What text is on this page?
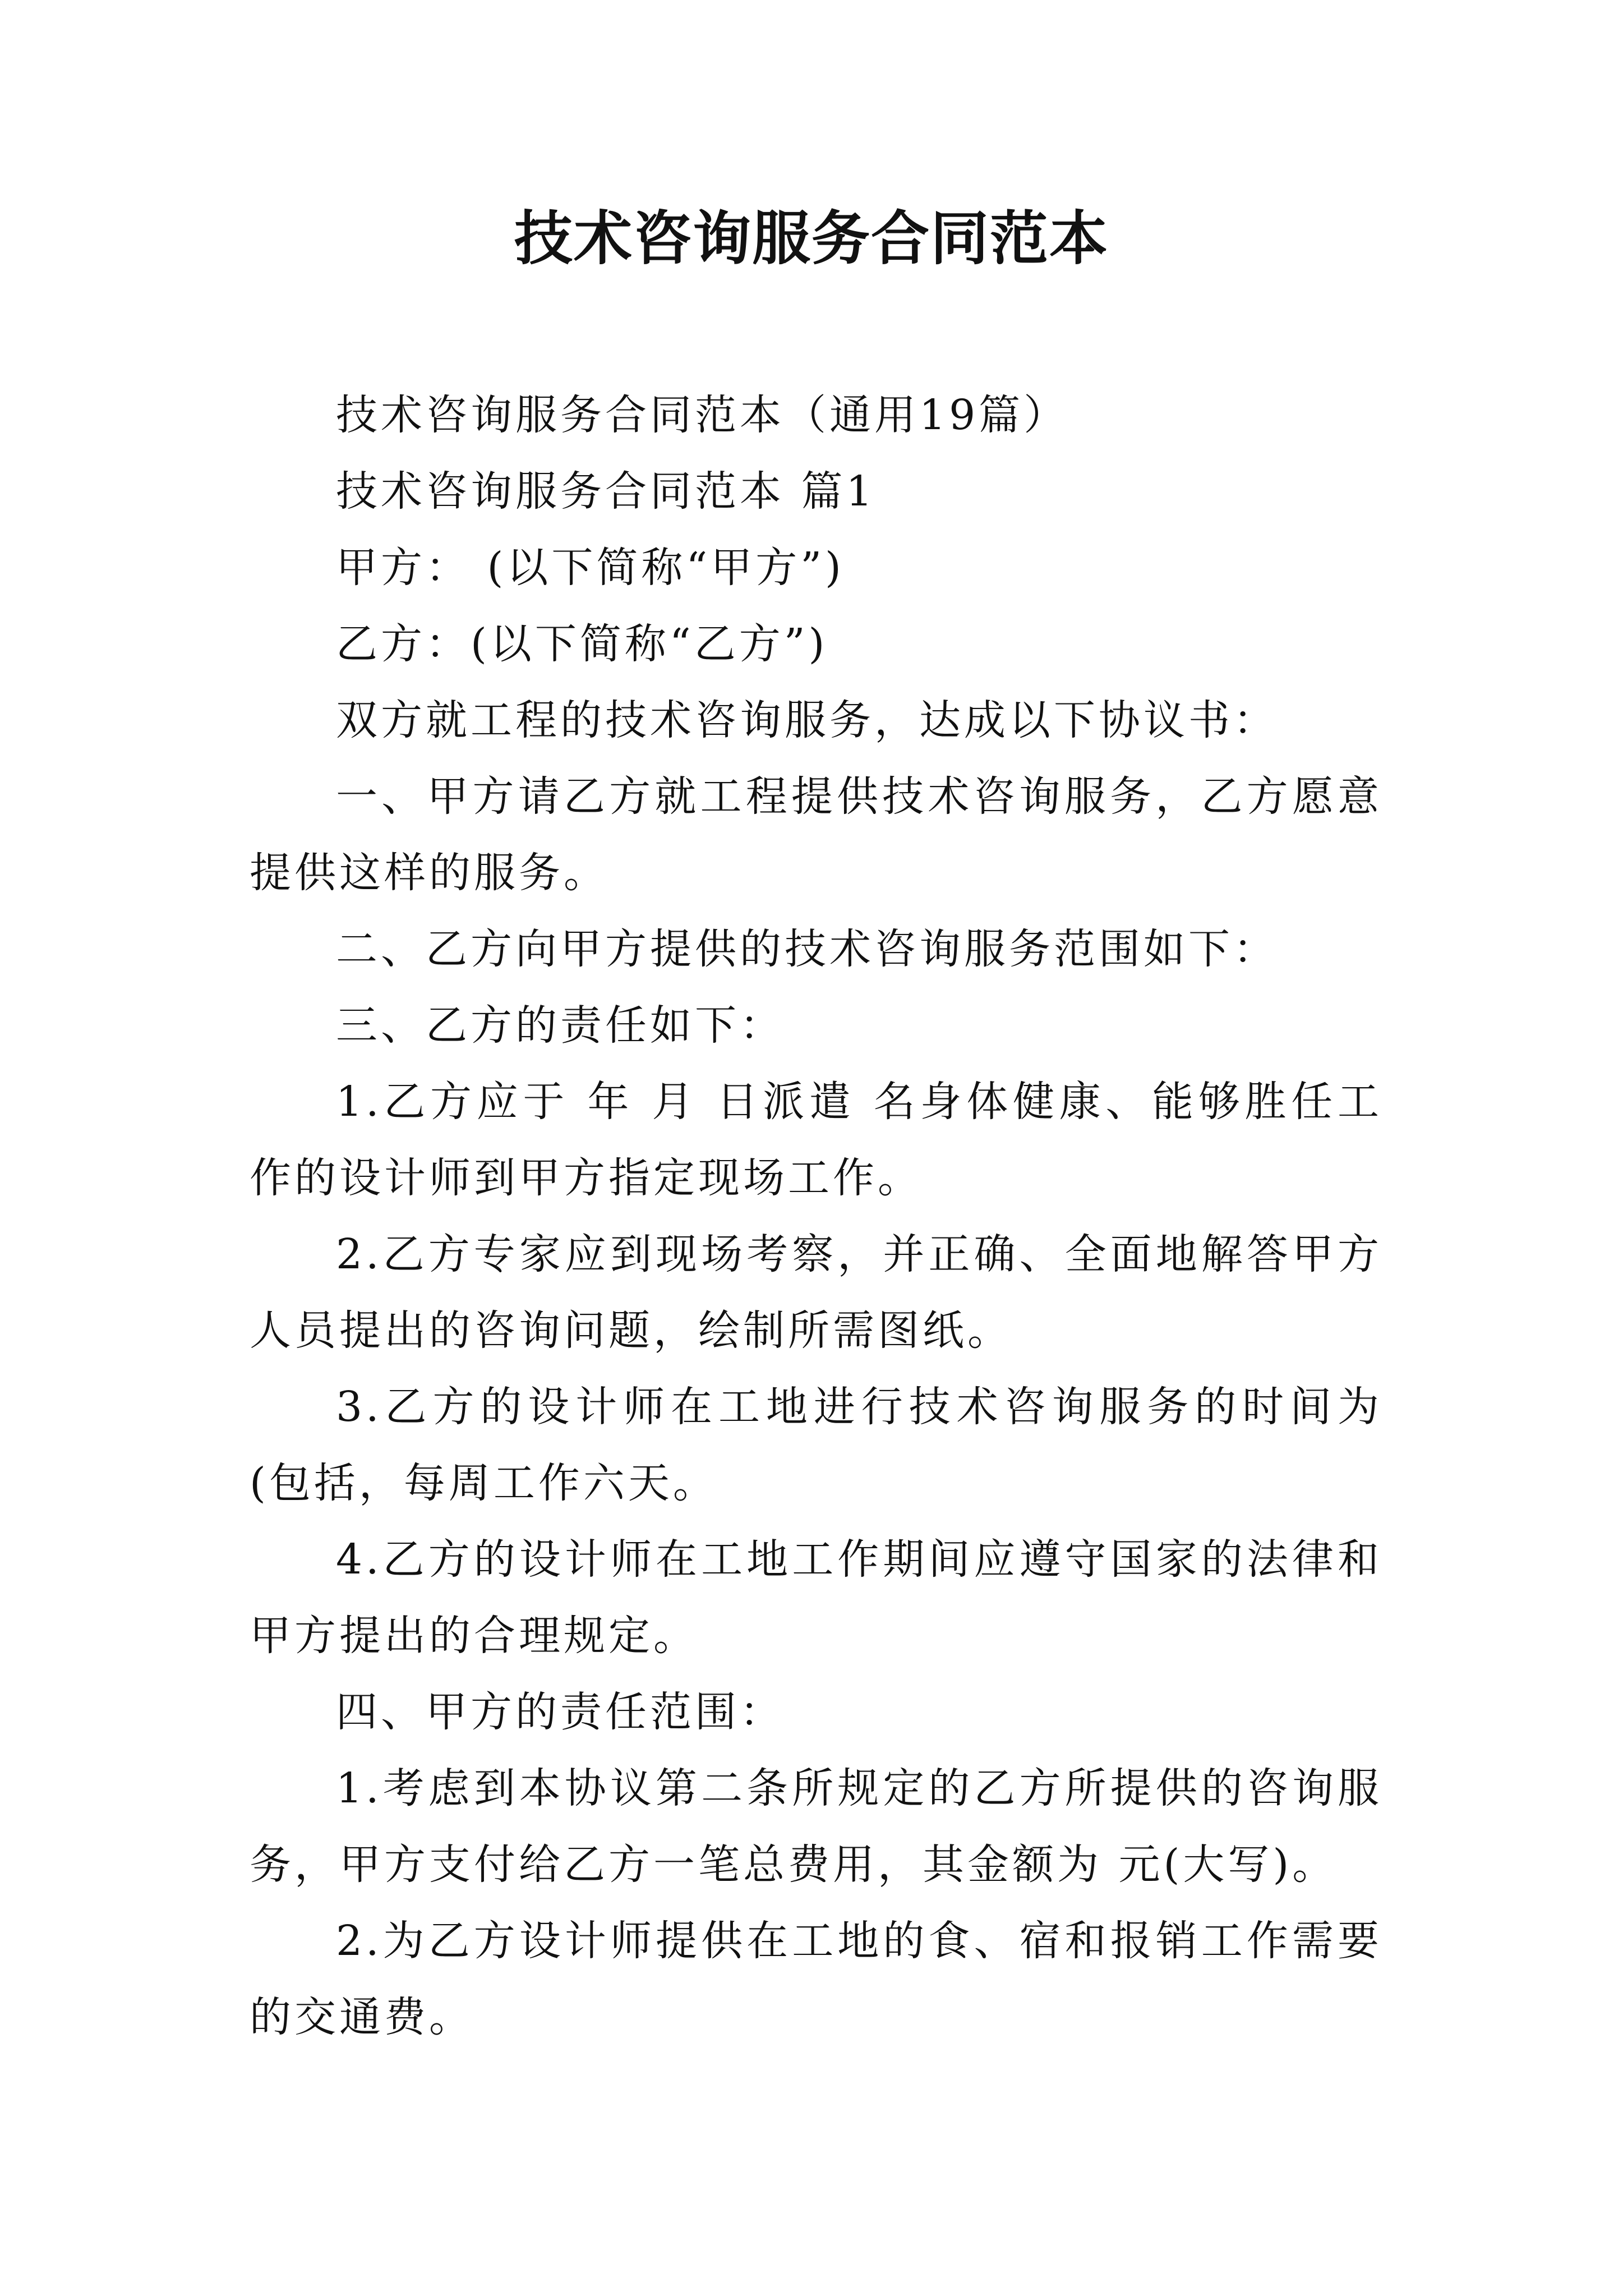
技术咨询服务合同范本

技术咨询服务合同范本（通用19篇）

技术咨询服务合同范本 篇1

甲方： (以下简称“甲方”)

乙方：(以下简称“乙方”)

双方就工程的技术咨询服务，达成以下协议书：

一、甲方请乙方就工程提供技术咨询服务，乙方愿意提供这样的服务。

二、乙方向甲方提供的技术咨询服务范围如下：

三、乙方的责任如下：

1.乙方应于 年 月 日派遣 名身体健康、能够胜任工作的设计师到甲方指定现场工作。

2.乙方专家应到现场考察，并正确、全面地解答甲方人员提出的咨询问题，绘制所需图纸。

3.乙方的设计师在工地进行技术咨询服务的时间为(包括，每周工作六天。

4.乙方的设计师在工地工作期间应遵守国家的法律和甲方提出的合理规定。

四、甲方的责任范围：

1.考虑到本协议第二条所规定的乙方所提供的咨询服务，甲方支付给乙方一笔总费用，其金额为 元(大写)。

2.为乙方设计师提供在工地的食、宿和报销工作需要的交通费。
